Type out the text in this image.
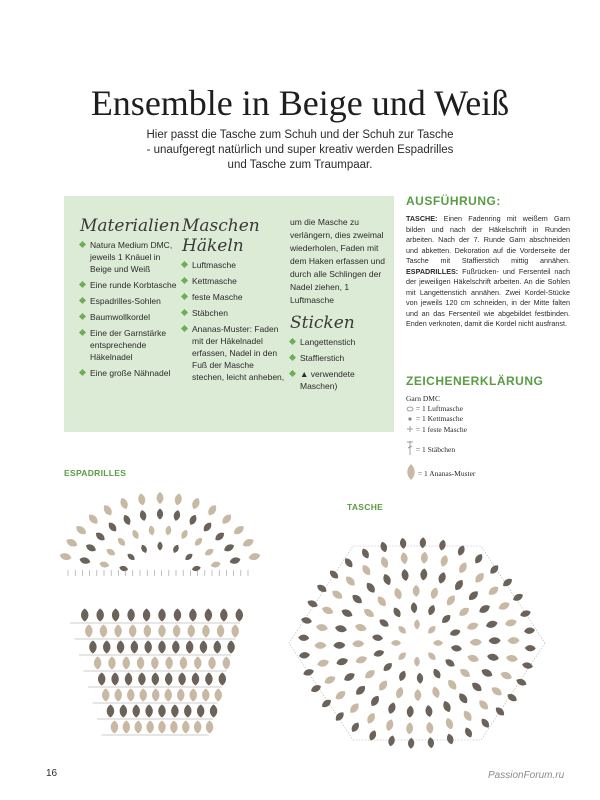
Ensemble in Beige und Weiß
Hier passt die Tasche zum Schuh und der Schuh zur Tasche - unaufgeregt natürlich und super kreativ werden Espadrilles und Tasche zum Traumpaar.
Materialien
Natura Medium DMC, jeweils 1 Knäuel in Beige und Weiß
Eine runde Korbtasche
Espadrilles-Sohlen
Baumwollkordel
Eine der Garnstärke entsprechende Häkelnadel
Eine große Nähnadel
Maschen Häkeln
Luftmasche
Kettmasche
feste Masche
Stäbchen
Ananas-Muster: Faden mit der Häkelnadel erfassen, Nadel in den Fuß der Masche stechen, leicht anheben,
um die Masche zu verlängern, dies zweimal wiederholen, Faden mit dem Haken erfassen und durch alle Schlingen der Nadel ziehen, 1 Luftmasche
Sticken
Langettenstich
Staffierstich
▲ verwendete Maschen)
AUSFÜHRUNG:
TASCHE: Einen Fadenring mit weißem Garn bilden und nach der Häkelschrift in Runden arbeiten. Nach der 7. Runde Garn abschneiden und abketten. Dekoration auf die Vorderseite der Tasche mit Staffierstich mittig annähen. ESPADRILLES: Fußrücken- und Fersenteil nach der jeweiligen Häkelschrift arbeiten. An die Sohlen mit Langettenstich annähen. Zwei Kordel-Stücke von jeweils 120 cm schneiden, in der Mitte falten und an das Fersenteil wie abgebildet festbinden. Enden verknoten, damit die Kordel nicht ausfranst.
ZEICHENERKLÄRUNG
Garn DMC
= 1 Luftmasche
= 1 Kettmasche
= 1 feste Masche
= 1 Stäbchen
= 1 Ananas-Muster
ESPADRILLES
TASCHE
16	PassionForum.ru
